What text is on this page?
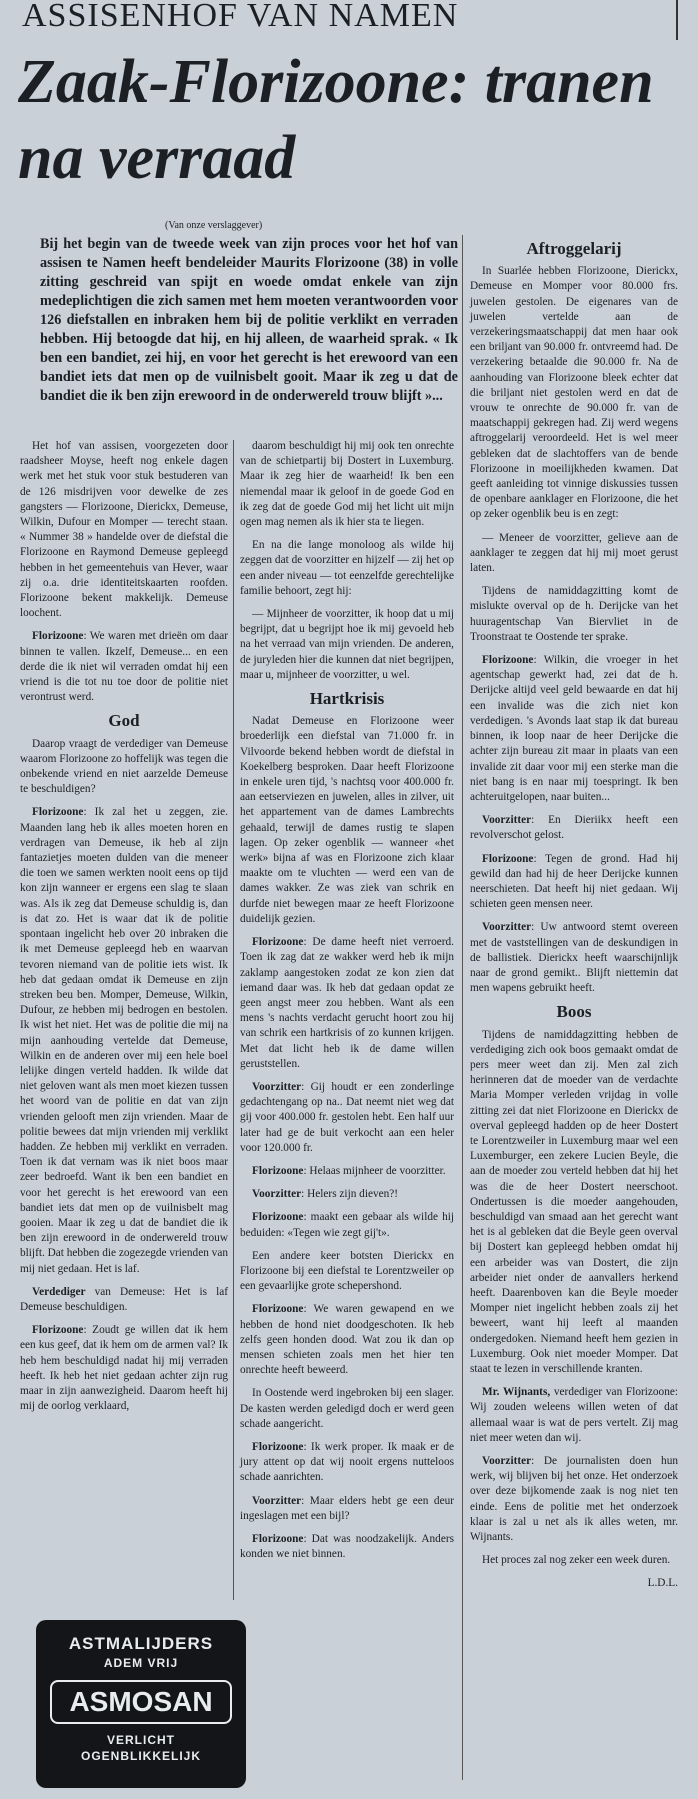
ASSISENHOF VAN NAMEN
Zaak-Florizoone: tranen na verraad
(Van onze verslaggever)
Bij het begin van de tweede week van zijn proces voor het hof van assisen te Namen heeft bendeleider Maurits Florizoone (38) in volle zitting geschreid van spijt en woede omdat enkele van zijn medeplichtigen die zich samen met hem moeten verantwoorden voor 126 diefstallen en inbraken hem bij de politie verklikt en verraden hebben. Hij betoogde dat hij, en hij alleen, de waarheid sprak. « Ik ben een bandiet, zei hij, en voor het gerecht is het erewoord van een bandiet iets dat men op de vuilnisbelt gooit. Maar ik zeg u dat de bandiet die ik ben zijn erewoord in de onderwereld trouw blijft »...

Het hof van assisen, voorgezeten door raadsheer Moyse, heeft nog enkele dagen werk met het stuk voor stuk bestuderen van de 126 misdrijven voor dewelke de zes gangsters — Florizoone, Dierickx, Demeuse, Wilkin, Dufour en Momper — terecht staan. « Nummer 38 » handelde over de diefstal die Florizoone en Raymond Demeuse gepleegd hebben in het gemeentehuis van Hever, waar zij o.a. drie identiteitskaarten roofden. Florizoone bekent makkelijk. Demeuse loochent.

Florizoone: We waren met drieën om daar binnen te vallen. Ikzelf, Demeuse... en een derde die ik niet wil verraden omdat hij een vriend is die tot nu toe door de politie niet verontrust werd.

God

Daarop vraagt de verdediger van Demeuse waarom Florizoone zo hoffelijk was tegen die onbekende vriend en niet aarzelde Demeuse te beschuldigen?

Florizoone: Ik zal het u zeggen, zie. Maanden lang heb ik alles moeten horen en verdragen van Demeuse, ik heb al zijn fantazietjes moeten dulden van die meneer die toen we samen werkten nooit eens op tijd kon zijn wanneer er ergens een slag te slaan was. Als ik zeg dat Demeuse schuldig is, dan is dat zo. Het is waar dat ik de politie spontaan ingelicht heb over 20 inbraken die ik met Demeuse gepleegd heb en waarvan tevoren niemand van de politie iets wist. Ik heb dat gedaan omdat ik Demeuse en zijn streken beu ben. Momper, Demeuse, Wilkin, Dufour, ze hebben mij bedrogen en bestolen. Ik wist het niet. Het was de politie die mij na mijn aanhouding vertelde dat Demeuse, Wilkin en de anderen over mij een hele boel lelijke dingen verteld hadden. Ik wilde dat niet geloven want als men moet kiezen tussen het woord van de politie en dat van zijn vrienden gelooft men zijn vrienden. Maar de politie bewees dat mijn vrienden mij verklikt hadden. Ze hebben mij verklikt en verraden. Toen ik dat vernam was ik niet boos maar zeer bedroefd. Want ik ben een bandiet en voor het gerecht is het erewoord van een bandiet iets dat men op de vuilnisbelt mag gooien. Maar ik zeg u dat de bandiet die ik ben zijn erewoord in de onderwereld trouw blijft. Dat hebben die zogezegde vrienden van mij niet gedaan. Het is laf.

Verdediger van Demeuse: Het is laf Demeuse beschuldigen.

Florizoone: Zoudt ge willen dat ik hem een kus geef, dat ik hem om de armen val? Ik heb hem beschuldigd nadat hij mij verraden heeft. Ik heb het niet gedaan achter zijn rug maar in zijn aanwezigheid. Daarom heeft hij mij de oorlog verklaard,

daarom beschuldigt hij mij ook ten onrechte van de schietpartij bij Dostert in Luxemburg. Maar ik zeg hier de waarheid! Ik ben een niemendal maar ik geloof in de goede God en ik zeg dat de goede God mij het licht uit mijn ogen mag nemen als ik hier sta te liegen.

En na die lange monoloog als wilde hij zeggen dat de voorzitter en hijzelf — zij het op een ander niveau — tot eenzelfde gerechtelijke familie behoort, zegt hij:

— Mijnheer de voorzitter, ik hoop dat u mij begrijpt, dat u begrijpt hoe ik mij gevoeld heb na het verraad van mijn vrienden. De anderen, de juryleden hier die kunnen dat niet begrijpen, maar u, mijnheer de voorzitter, u wel.

Hartkrisis

Nadat Demeuse en Florizoone weer broederlijk een diefstal van 71.000 fr. in Vilvoorde bekend hebben wordt de diefstal in Koekelberg besproken. Daar heeft Florizoone in enkele uren tijd, 's nachtsq voor 400.000 fr. aan eetserviezen en juwelen, alles in zilver, uit het appartement van de dames Lambrechts gehaald, terwijl de dames rustig te slapen lagen. Op zeker ogenblik — wanneer «het werk» bijna af was en Florizoone zich klaar maakte om te vluchten — werd een van de dames wakker. Ze was ziek van schrik en durfde niet bewegen maar ze heeft Florizoone duidelijk gezien.

Florizoone: De dame heeft niet verroerd. Toen ik zag dat ze wakker werd heb ik mijn zaklamp aangestoken zodat ze kon zien dat iemand daar was. Ik heb dat gedaan opdat ze geen angst meer zou hebben. Want als een mens 's nachts verdacht gerucht hoort zou hij van schrik een hartkrisis of zo kunnen krijgen. Met dat licht heb ik de dame willen geruststellen.

Voorzitter: Gij houdt er een zonderlinge gedachtengang op na.. Dat neemt niet weg dat gij voor 400.000 fr. gestolen hebt. Een half uur later had ge de buit verkocht aan een heler voor 120.000 fr.

Florizoone: Helaas mijnheer de voorzitter.

Voorzitter: Helers zijn dieven?!

Florizoone: maakt een gebaar als wilde hij beduiden: «Tegen wie zegt gij't».

Een andere keer botsten Dierickx en Florizoone bij een diefstal te Lorentzweiler op een gevaarlijke grote schepershond.

Florizoone: We waren gewapend en we hebben de hond niet doodgeschoten. Ik heb zelfs geen honden dood. Wat zou ik dan op mensen schieten zoals men het hier ten onrechte heeft beweerd.

In Oostende werd ingebroken bij een slager. De kasten werden geledigd doch er werd geen schade aangericht.

Florizoone: Ik werk proper. Ik maak er de jury attent op dat wij nooit ergens nutteloos schade aanrichten.

Voorzitter: Maar elders hebt ge een deur ingeslagen met een bijl?

Florizoone: Dat was noodzakelijk. Anders konden we niet binnen.

Aftroggelarij

In Suarlée hebben Florizoone, Dierickx, Demeuse en Momper voor 80.000 frs. juwelen gestolen. De eigenares van de juwelen vertelde aan de verzekeringsmaatschappij dat men haar ook een briljant van 90.000 fr. ontvreemd had. De verzekering betaalde die 90.000 fr. Na de aanhouding van Florizoone bleek echter dat die briljant niet gestolen werd en dat de vrouw te onrechte de 90.000 fr. van de maatschappij gekregen had. Zij werd wegens aftroggelarij veroordeeld. Het is wel meer gebleken dat de slachtoffers van de bende Florizoone in moeilijkheden kwamen. Dat geeft aanleiding tot vinnige diskussies tussen de openbare aanklager en Florizoone, die het op zeker ogenblik beu is en zegt:

— Meneer de voorzitter, gelieve aan de aanklager te zeggen dat hij mij moet gerust laten.

Tijdens de namiddagzitting komt de mislukte overval op de h. Derijcke van het huuragentschap Van Biervliet in de Troonstraat te Oostende ter sprake.

Florizoone: Wilkin, die vroeger in het agentschap gewerkt had, zei dat de h. Derijcke altijd veel geld bewaarde en dat hij een invalide was die zich niet kon verdedigen. 's Avonds laat stap ik dat bureau binnen, ik loop naar de heer Derijcke die achter zijn bureau zit maar in plaats van een invalide zit daar voor mij een sterke man die niet bang is en naar mij toespringt. Ik ben achteruitgelopen, naar buiten...

Voorzitter: En Dieriikx heeft een revolverschot gelost.

Florizoone: Tegen de grond. Had hij gewild dan had hij de heer Derijcke kunnen neerschieten. Dat heeft hij niet gedaan. Wij schieten geen mensen neer.

Voorzitter: Uw antwoord stemt overeen met de vaststellingen van de deskundigen in de ballistiek. Dierickx heeft waarschijnlijk naar de grond gemikt.. Blijft niettemin dat men wapens gebruikt heeft.

Boos

Tijdens de namiddagzitting hebben de verdediging zich ook boos gemaakt omdat de pers meer weet dan zij. Men zal zich herinneren dat de moeder van de verdachte Maria Momper verleden vrijdag in volle zitting zei dat niet Florizoone en Dierickx de overval gepleegd hadden op de heer Dostert te Lorentzweiler in Luxemburg maar wel een Luxemburger, een zekere Lucien Beyle, die aan de moeder zou verteld hebben dat hij het was die de heer Dostert neerschoot. Ondertussen is die moeder aangehouden, beschuldigd van smaad aan het gerecht want het is al gebleken dat die Beyle geen overval bij Dostert kan gepleegd hebben omdat hij een arbeider was van Dostert, die zijn arbeider niet onder de aanvallers herkend heeft. Daarenboven kan die Beyle moeder Momper niet ingelicht hebben zoals zij het beweert, want hij leeft al maanden ondergedoken. Niemand heeft hem gezien in Luxemburg. Ook niet moeder Momper. Dat staat te lezen in verschillende kranten.

Mr. Wijnants, verdediger van Florizoone: Wij zouden weleens willen weten of dat allemaal waar is wat de pers vertelt. Zij mag niet meer weten dan wij.

Voorzitter: De journalisten doen hun werk, wij blijven bij het onze. Het onderzoek over deze bijkomende zaak is nog niet ten einde. Eens de politie met het onderzoek klaar is zal u net als ik alles weten, mr. Wijnants.

Het proces zal nog zeker een week duren.

L.D.L.

ASTMALIJDERS
ADEM VRIJ
ASMOSAN
VERLICHT
OGENBLIKKELIJK
